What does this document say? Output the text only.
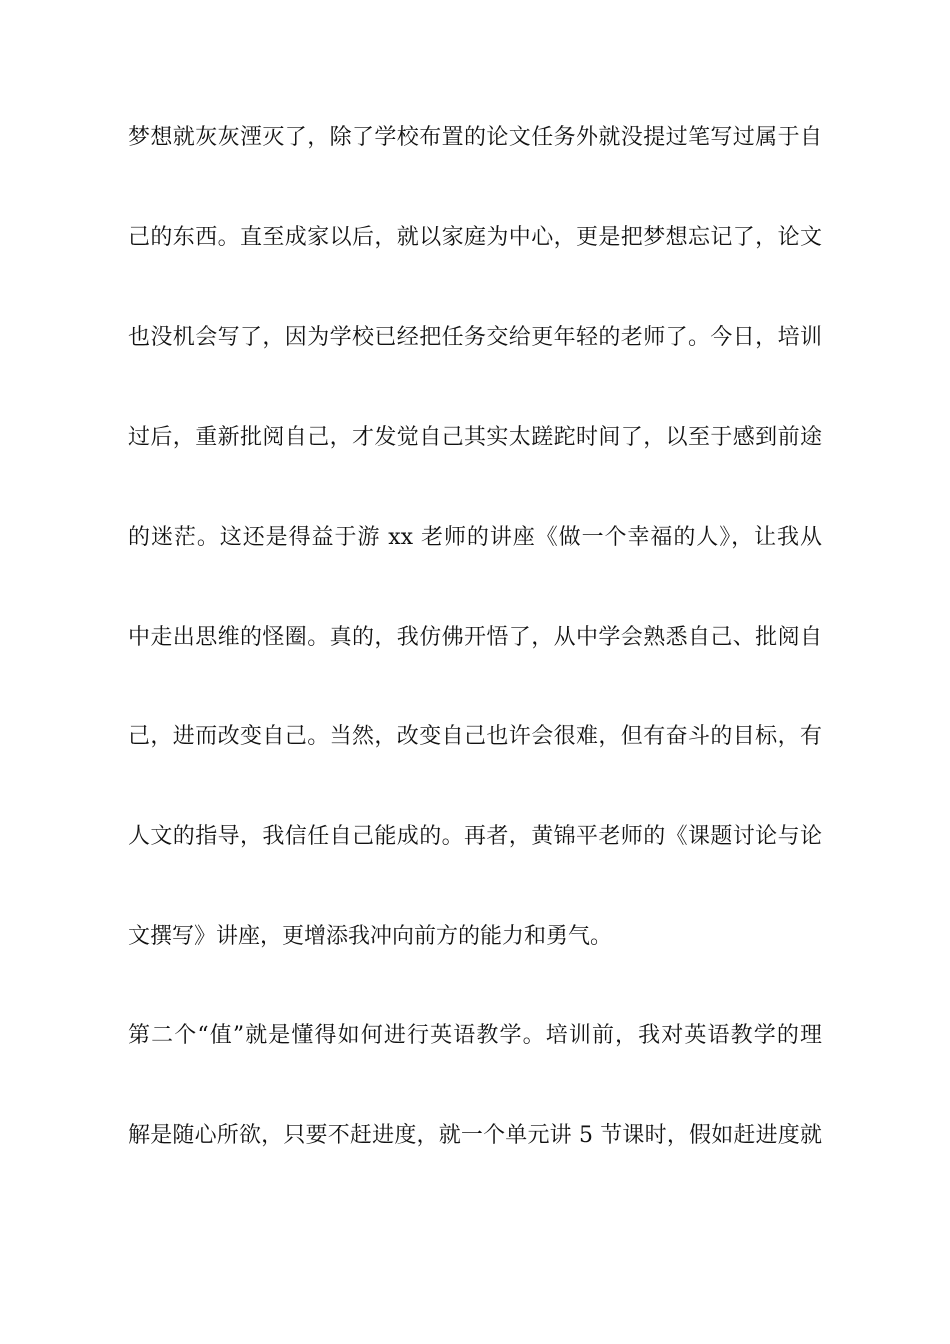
梦想就灰灰湮灭了，除了学校布置的论文任务外就没提过笔写过属于自
己的东西。直至成家以后，就以家庭为中心，更是把梦想忘记了，论文
也没机会写了，因为学校已经把任务交给更年轻的老师了。今日，培训
过后，重新批阅自己，才发觉自己其实太蹉跎时间了，以至于感到前途
的迷茫。这还是得益于游 xx 老师的讲座《做一个幸福的人》，让我从
中走出思维的怪圈。真的，我仿佛开悟了，从中学会熟悉自己、批阅自
己，进而改变自己。当然，改变自己也许会很难，但有奋斗的目标，有
人文的指导，我信任自己能成的。再者，黄锦平老师的《课题讨论与论
文撰写》讲座，更增添我冲向前方的能力和勇气。
第二个“值”就是懂得如何进行英语教学。培训前，我对英语教学的理
解是随心所欲，只要不赶进度，就一个单元讲 5 节课时，假如赶进度就
